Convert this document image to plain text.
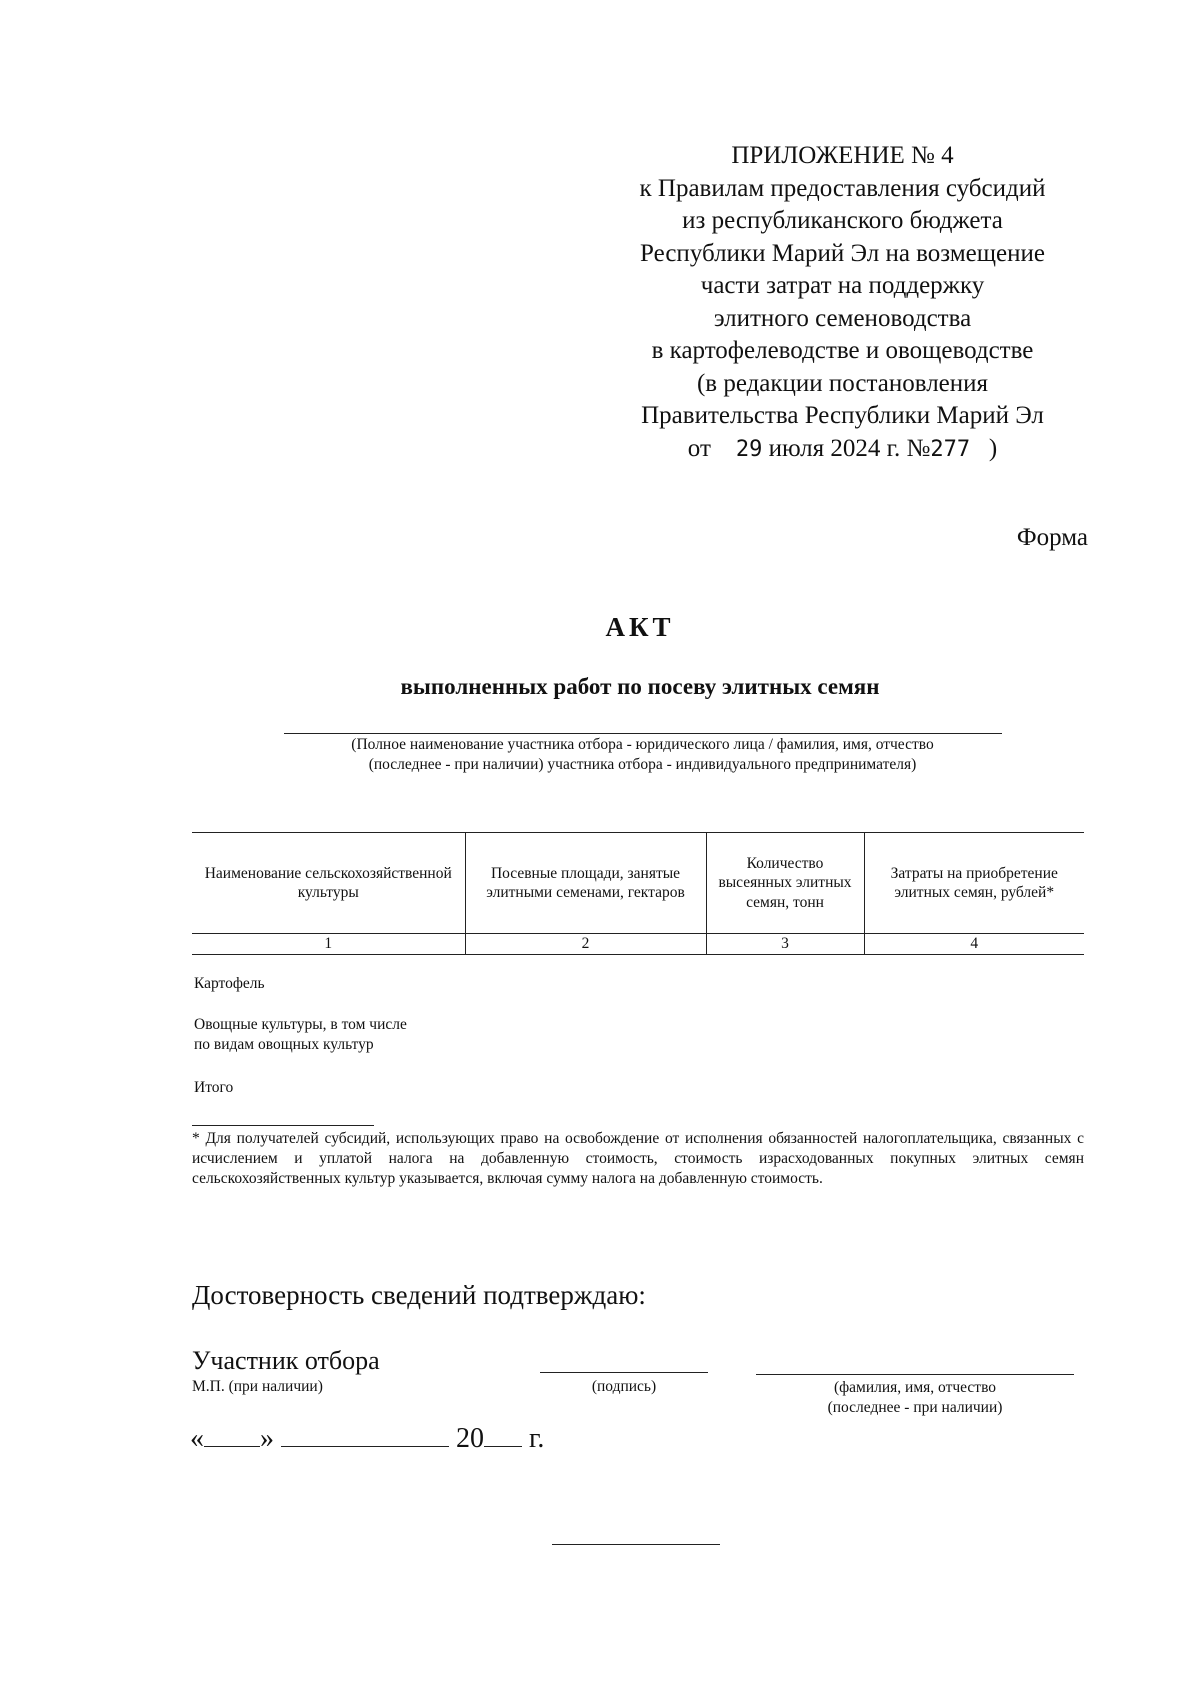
ПРИЛОЖЕНИЕ № 4
к Правилам предоставления субсидий
из республиканского бюджета
Республики Марий Эл на возмещение
части затрат на поддержку
элитного семеноводства
в картофелеводстве и овощеводстве
(в редакции постановления
Правительства Республики Марий Эл
от 29 июля 2024 г. №277 )
Форма
АКТ
выполненных работ по посеву элитных семян
(Полное наименование участника отбора - юридического лица / фамилия, имя, отчество
(последнее - при наличии) участника отбора - индивидуального предпринимателя)
Наименование сельскохозяйственной культуры	Посевные площади, занятые элитными семенами, гектаров	Количество высеянных элитных семян, тонн	Затраты на приобретение элитных семян, рублей*
1	2	3	4
Картофель
Овощные культуры, в том числе
по видам овощных культур
Итого
* Для получателей субсидий, использующих право на освобождение от исполнения обязанностей налогоплательщика, связанных с исчислением и уплатой налога на добавленную стоимость, стоимость израсходованных покупных элитных семян сельскохозяйственных культур указывается, включая сумму налога на добавленную стоимость.
Достоверность сведений подтверждаю:
Участник отбора
М.П. (при наличии)	(подпись)	(фамилия, имя, отчество
(последнее - при наличии)
« »	20 г.
